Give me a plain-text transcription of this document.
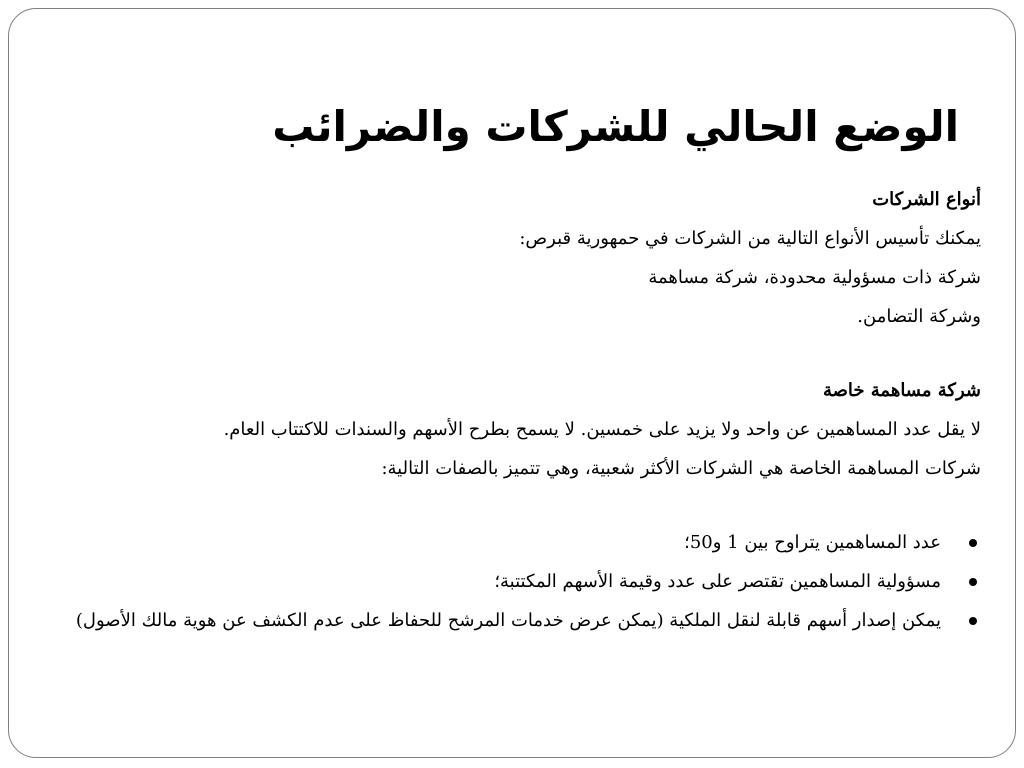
الوضع الحالي للشركات والضرائب

أنواع الشركات

يمكنك تأسيس الأنواع التالية من الشركات في حمهورية قبرص:

شركة ذات مسؤولية محدودة، شركة مساهمة

وشركة التضامن.

شركة مساهمة خاصة

لا يقل عدد المساهمين عن واحد ولا يزيد على خمسين. لا يسمح بطرح الأسهم والسندات للاكتتاب العام.

شركات المساهمة الخاصة هي الشركات الأكثر شعبية، وهي تتميز بالصفات التالية:

عدد المساهمين يتراوح بين 1 و50؛
مسؤولية المساهمين تقتصر على عدد وقيمة الأسهم المكتتبة؛
يمكن إصدار أسهم قابلة لنقل الملكية (يمكن عرض خدمات المرشح للحفاظ على عدم الكشف عن هوية مالك الأصول)
